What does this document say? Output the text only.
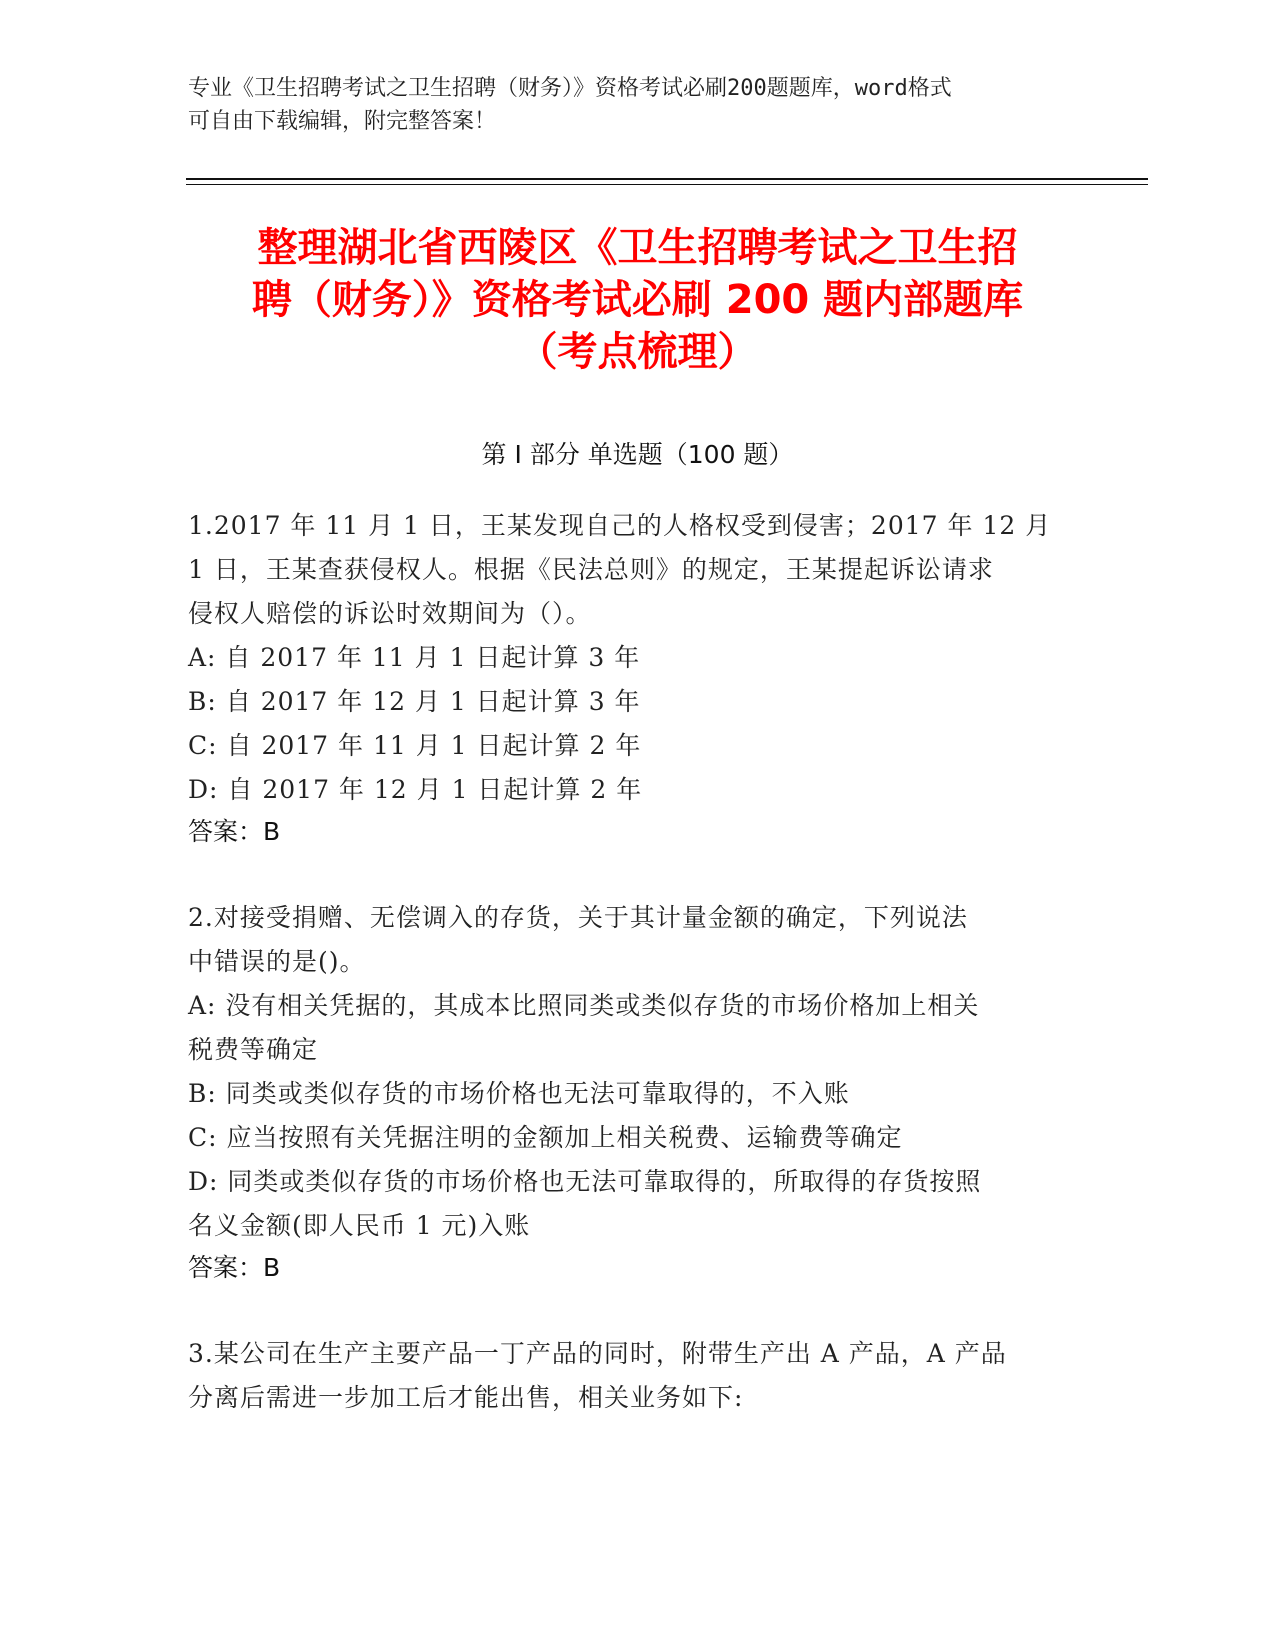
专业《卫生招聘考试之卫生招聘（财务）》资格考试必刷200题题库，word格式
可自由下载编辑，附完整答案！
整理湖北省西陵区《卫生招聘考试之卫生招
聘（财务）》资格考试必刷 200 题内部题库
（考点梳理）
第 I 部分 单选题（100 题）
1.2017 年 11 月 1 日，王某发现自己的人格权受到侵害；2017 年 12 月
1 日，王某查获侵权人。根据《民法总则》的规定，王某提起诉讼请求
侵权人赔偿的诉讼时效期间为（）。
A: 自 2017 年 11 月 1 日起计算 3 年
B: 自 2017 年 12 月 1 日起计算 3 年
C: 自 2017 年 11 月 1 日起计算 2 年
D: 自 2017 年 12 月 1 日起计算 2 年
答案：B
2.对接受捐赠、无偿调入的存货，关于其计量金额的确定，下列说法
中错误的是()。
A: 没有相关凭据的，其成本比照同类或类似存货的市场价格加上相关
税费等确定
B: 同类或类似存货的市场价格也无法可靠取得的，不入账
C: 应当按照有关凭据注明的金额加上相关税费、运输费等确定
D: 同类或类似存货的市场价格也无法可靠取得的，所取得的存货按照
名义金额(即人民币 1 元)入账
答案：B
3.某公司在生产主要产品一丁产品的同时，附带生产出 A 产品，A 产品
分离后需进一步加工后才能出售，相关业务如下:
